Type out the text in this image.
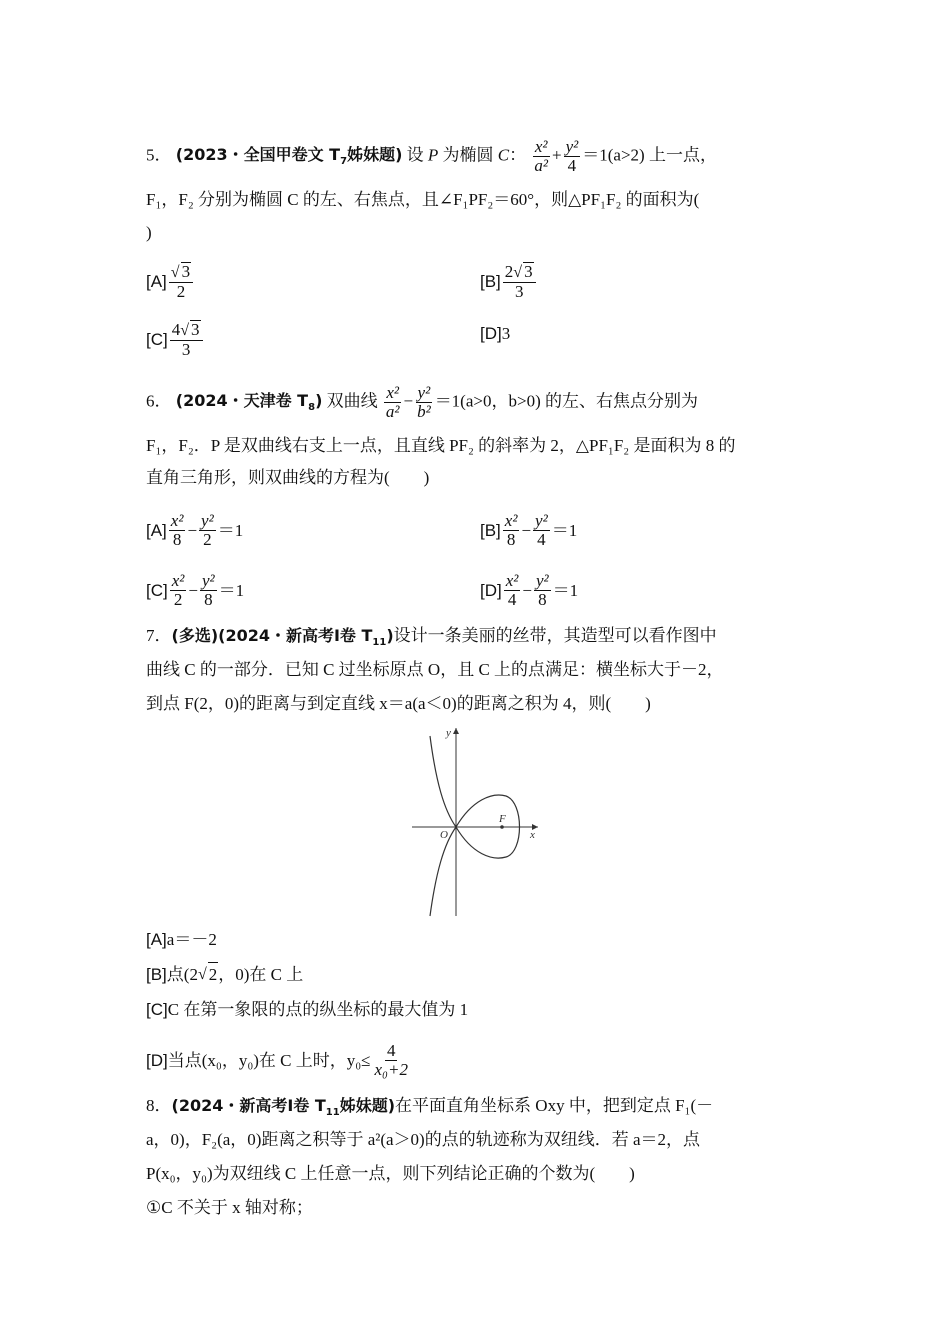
5． (2023・全国甲卷文 $T_7$姊妹题) 设 P 为椭圆 C： $\frac{\text{x²}}{\text{a²}} + \frac{\text{y²}}{4} =1(a>2)$ 上一点，
F₁，F₂ 分别为椭圆 C 的左、右焦点，且∠F₁PF₂＝60°，则△PF₁F₂ 的面积为(
)
$[A] \frac{√ 3}{2}$	$[B] \frac{2√ 3}{3}$
$[C] \frac{4√ 3}{3}$	[D] 3
6． (2024・天津卷 $T_8$) 双曲线 $\frac{\text{x²}}{\text{a²}} - \frac{\text{y²}}{\text{b²}} =1(a>0$，b>0) 的左、右焦点分别为
F₁，F₂．P 是双曲线右支上一点，且直线 PF₂ 的斜率为 2，△PF₁F₂ 是面积为 8 的
直角三角形，则双曲线的方程为(　　)
$[A] \frac{\text{x²}}{8} - \frac{\text{y²}}{2} =1$	$[B] \frac{\text{x²}}{8} - \frac{\text{y²}}{4} =1$
$[C] \frac{\text{x²}}{2} - \frac{\text{y²}}{8} =1$	$[D] \frac{\text{x²}}{4} - \frac{\text{y²}}{8} =1$
7．(多选)(2024・新高考Ⅰ卷 $T_{11}$)设计一条美丽的丝带，其造型可以看作图中
曲线 C 的一部分．已知 C 过坐标原点 O，且 C 上的点满足：横坐标大于－2，
到点 F(2，0)的距离与到定直线 x＝a(a＜0)的距离之积为 4，则(　　)
y
x
O
F
[A] a＝－2
[B] 点(2 √ 2 ，0)在 C 上
[C] C 在第一象限的点的纵坐标的最大值为 1
[D] 当点(x₀，y₀)在 C 上时，$y_0\le \frac{4}{\text{x₀+2}}$
8．(2024・新高考Ⅰ卷 $T_{11}$姊妹题)在平面直角坐标系 Oxy 中，把到定点 F₁(－
a，0)，F₂(a，0)距离之积等于 a²(a＞0)的点的轨迹称为双纽线．若 a＝2，点
P(x₀，y₀)为双纽线 C 上任意一点，则下列结论正确的个数为(　　)
①C 不关于 x 轴对称；
